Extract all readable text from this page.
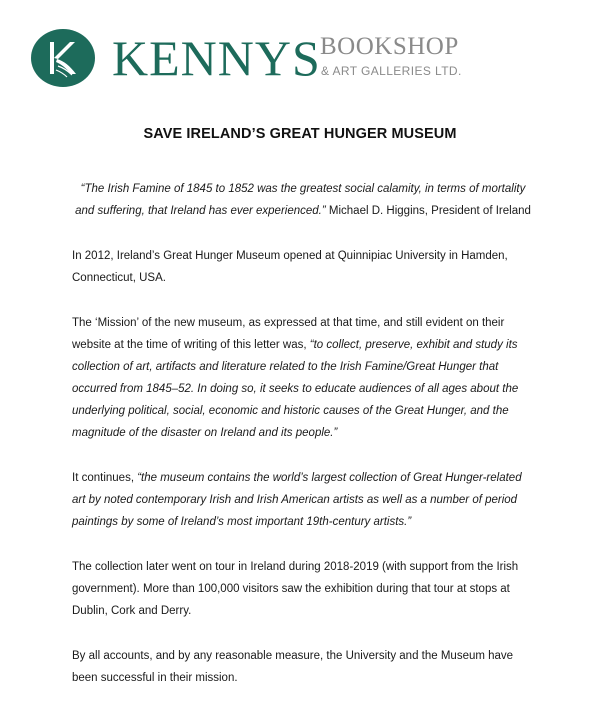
KENNYS BOOKSHOP
& ART GALLERIES LTD.
SAVE IRELAND’S GREAT HUNGER MUSEUM

“The Irish Famine of 1845 to 1852 was the greatest social calamity, in terms of mortality and suffering, that Ireland has ever experienced.” Michael D. Higgins, President of Ireland

In 2012, Ireland’s Great Hunger Museum opened at Quinnipiac University in Hamden, Connecticut, USA.

The ‘Mission’ of the new museum, as expressed at that time, and still evident on their website at the time of writing of this letter was, “to collect, preserve, exhibit and study its collection of art, artifacts and literature related to the Irish Famine/Great Hunger that occurred from 1845–52. In doing so, it seeks to educate audiences of all ages about the underlying political, social, economic and historic causes of the Great Hunger, and the magnitude of the disaster on Ireland and its people.”

It continues, “the museum contains the world’s largest collection of Great Hunger-related art by noted contemporary Irish and Irish American artists as well as a number of period paintings by some of Ireland’s most important 19th-century artists.”

The collection later went on tour in Ireland during 2018-2019 (with support from the Irish government). More than 100,000 visitors saw the exhibition during that tour at stops at Dublin, Cork and Derry.

By all accounts, and by any reasonable measure, the University and the Museum have been successful in their mission.
